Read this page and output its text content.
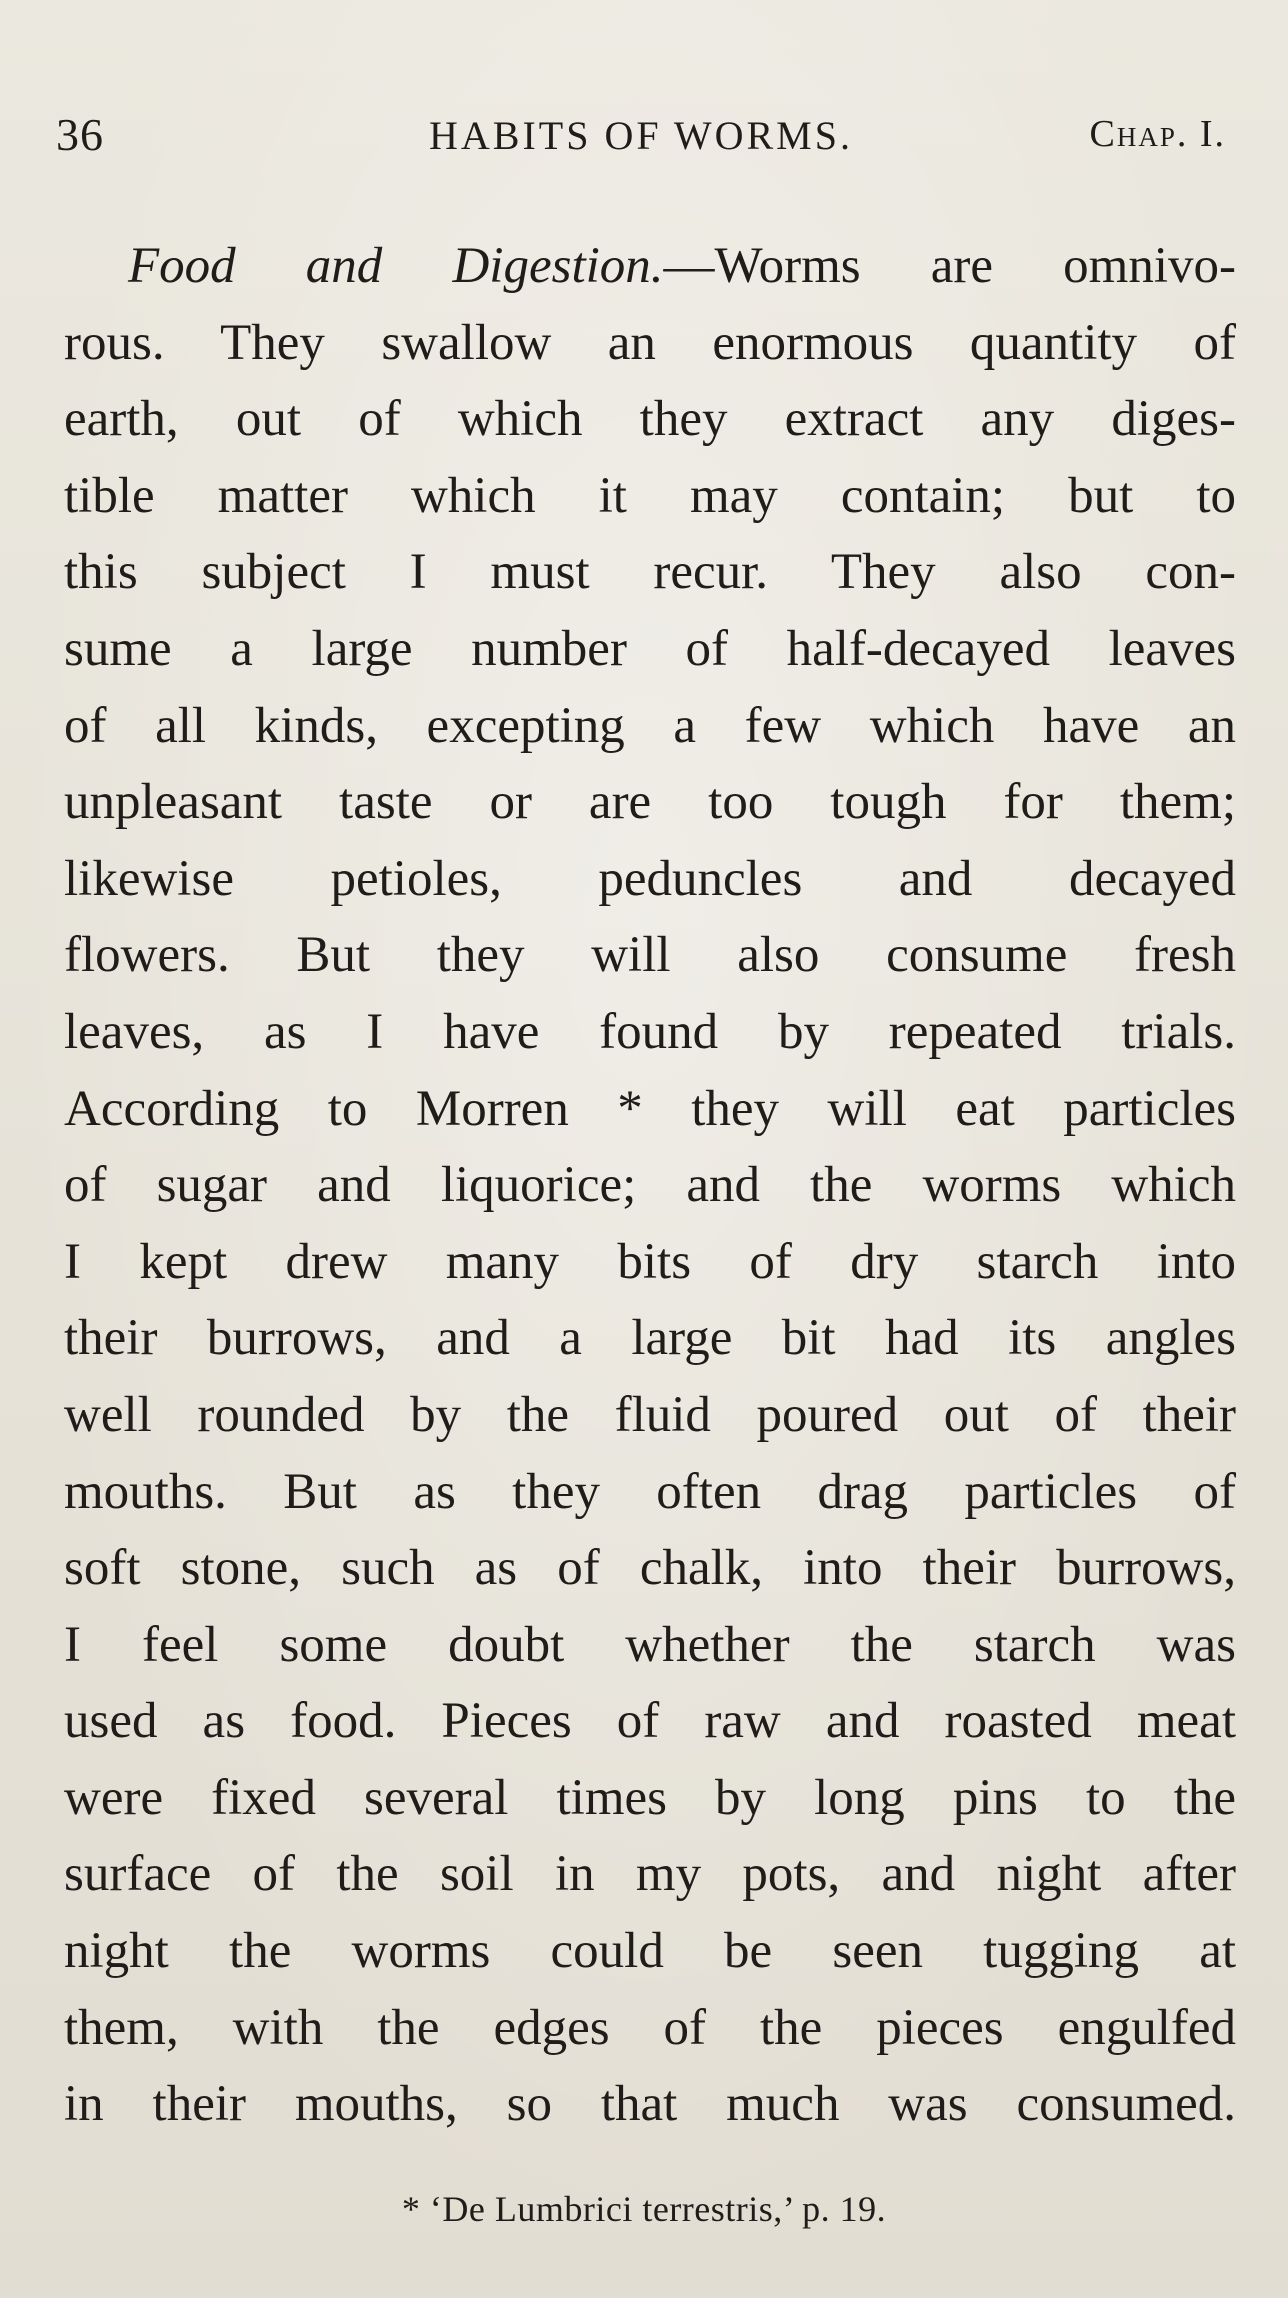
36	HABITS OF WORMS.	Chap. I.
Food and Digestion.—Worms are omnivo-
rous. They swallow an enormous quantity of
earth, out of which they extract any diges-
tible matter which it may contain; but to
this subject I must recur. They also con-
sume a large number of half-decayed leaves
of all kinds, excepting a few which have an
unpleasant taste or are too tough for them;
likewise petioles, peduncles and decayed
flowers. But they will also consume fresh
leaves, as I have found by repeated trials.
According to Morren * they will eat particles
of sugar and liquorice; and the worms which
I kept drew many bits of dry starch into
their burrows, and a large bit had its angles
well rounded by the fluid poured out of their
mouths. But as they often drag particles of
soft stone, such as of chalk, into their burrows,
I feel some doubt whether the starch was
used as food. Pieces of raw and roasted meat
were fixed several times by long pins to the
surface of the soil in my pots, and night after
night the worms could be seen tugging at
them, with the edges of the pieces engulfed
in their mouths, so that much was consumed.
* ‘De Lumbrici terrestris,’ p. 19.
